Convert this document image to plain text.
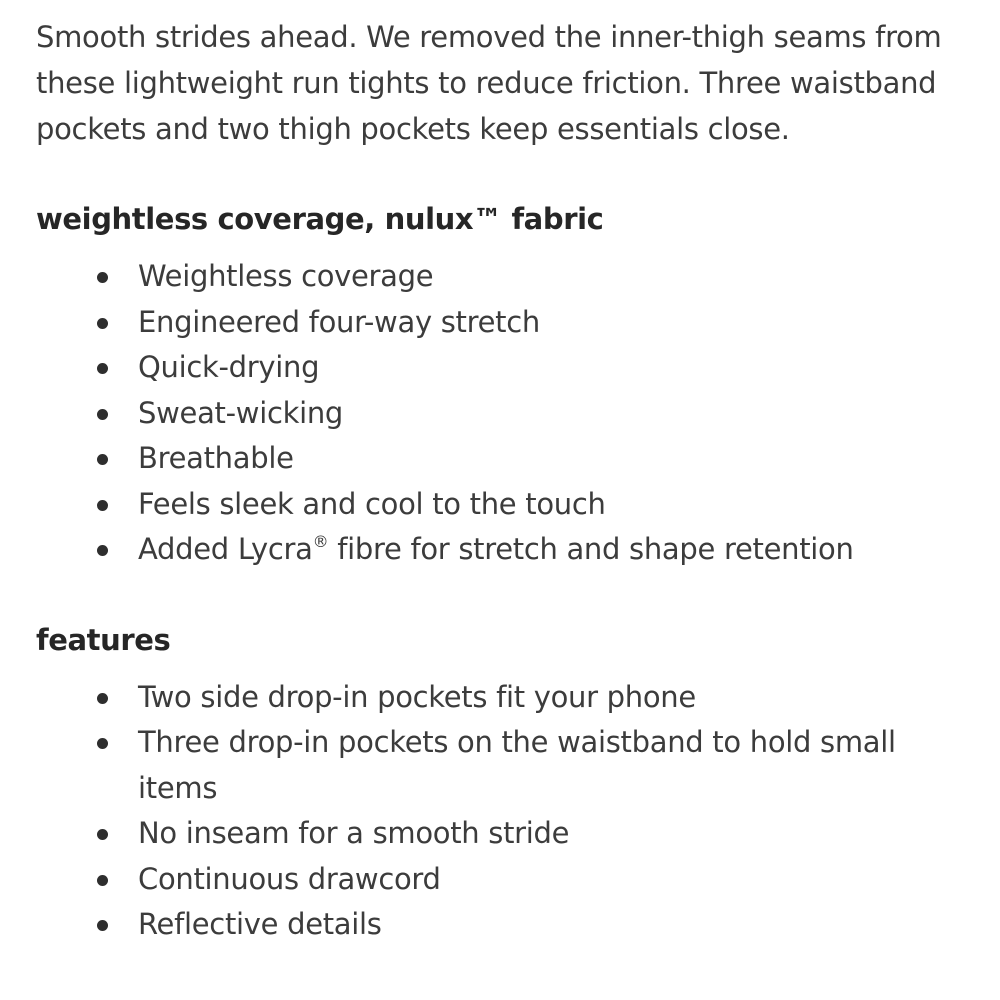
Smooth strides ahead. We removed the inner-thigh seams from these lightweight run tights to reduce friction. Three waistband pockets and two thigh pockets keep essentials close.

weightless coverage, nulux™ fabric
Weightless coverage
Engineered four-way stretch
Quick-drying
Sweat-wicking
Breathable
Feels sleek and cool to the touch
Added Lycra® fibre for stretch and shape retention
features
Two side drop-in pockets fit your phone
Three drop-in pockets on the waistband to hold small items
No inseam for a smooth stride
Continuous drawcord
Reflective details
